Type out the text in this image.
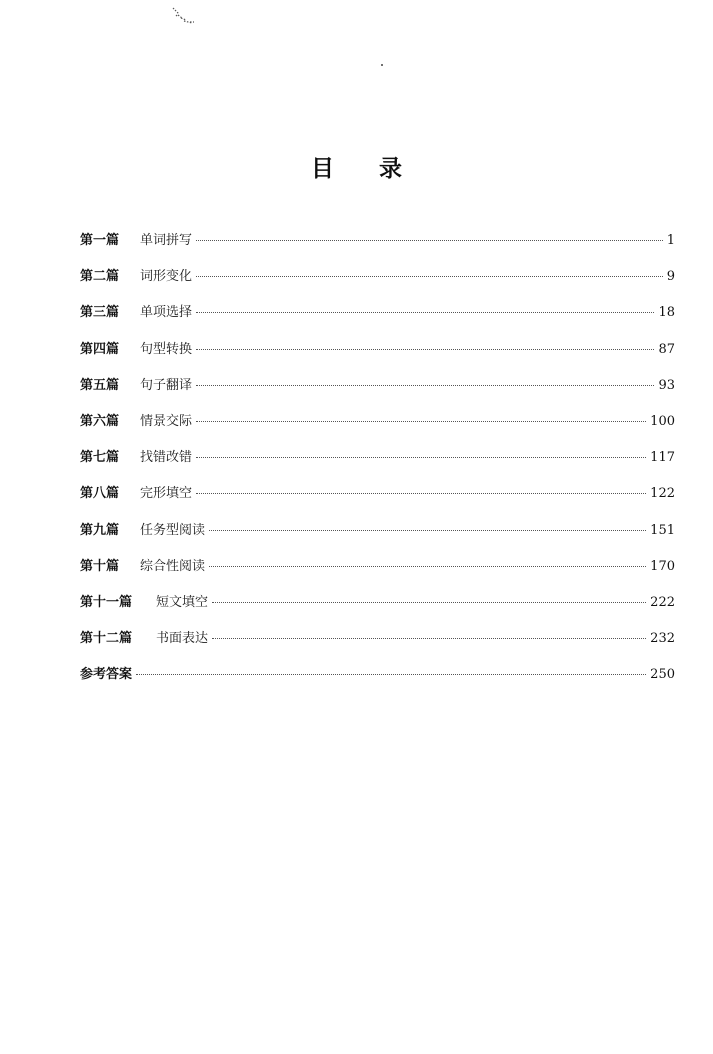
目 录
第一篇	单词拼写	1
第二篇	词形变化	9
第三篇	单项选择	18
第四篇	句型转换	87
第五篇	句子翻译	93
第六篇	情景交际	100
第七篇	找错改错	117
第八篇	完形填空	122
第九篇	任务型阅读	151
第十篇	综合性阅读	170
第十一篇	短文填空	222
第十二篇	书面表达	232
参考答案	250
